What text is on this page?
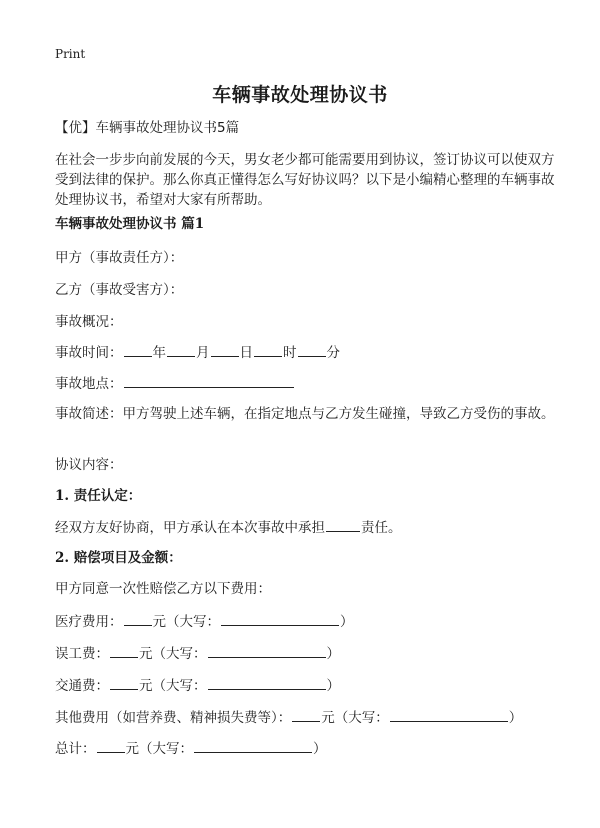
Print
车辆事故处理协议书
【优】车辆事故处理协议书5篇
在社会一步步向前发展的今天，男女老少都可能需要用到协议，签订协议可以使双方受到法律的保护。那么你真正懂得怎么写好协议吗？以下是小编精心整理的车辆事故处理协议书，希望对大家有所帮助。
车辆事故处理协议书 篇1
甲方（事故责任方）：
乙方（事故受害方）：
事故概况：
事故时间： 年 月 日 时 分
事故地点：
事故简述：甲方驾驶上述车辆，在指定地点与乙方发生碰撞，导致乙方受伤的事故。
协议内容：
1. 责任认定：
经双方友好协商，甲方承认在本次事故中承担	责任。
2. 赔偿项目及金额：
甲方同意一次性赔偿乙方以下费用：
医疗费用： 元（大写：	）
误工费： 元（大写：	）
交通费： 元（大写：	）
其他费用（如营养费、精神损失费等）： 元（大写：	）
总计： 元（大写：	）
